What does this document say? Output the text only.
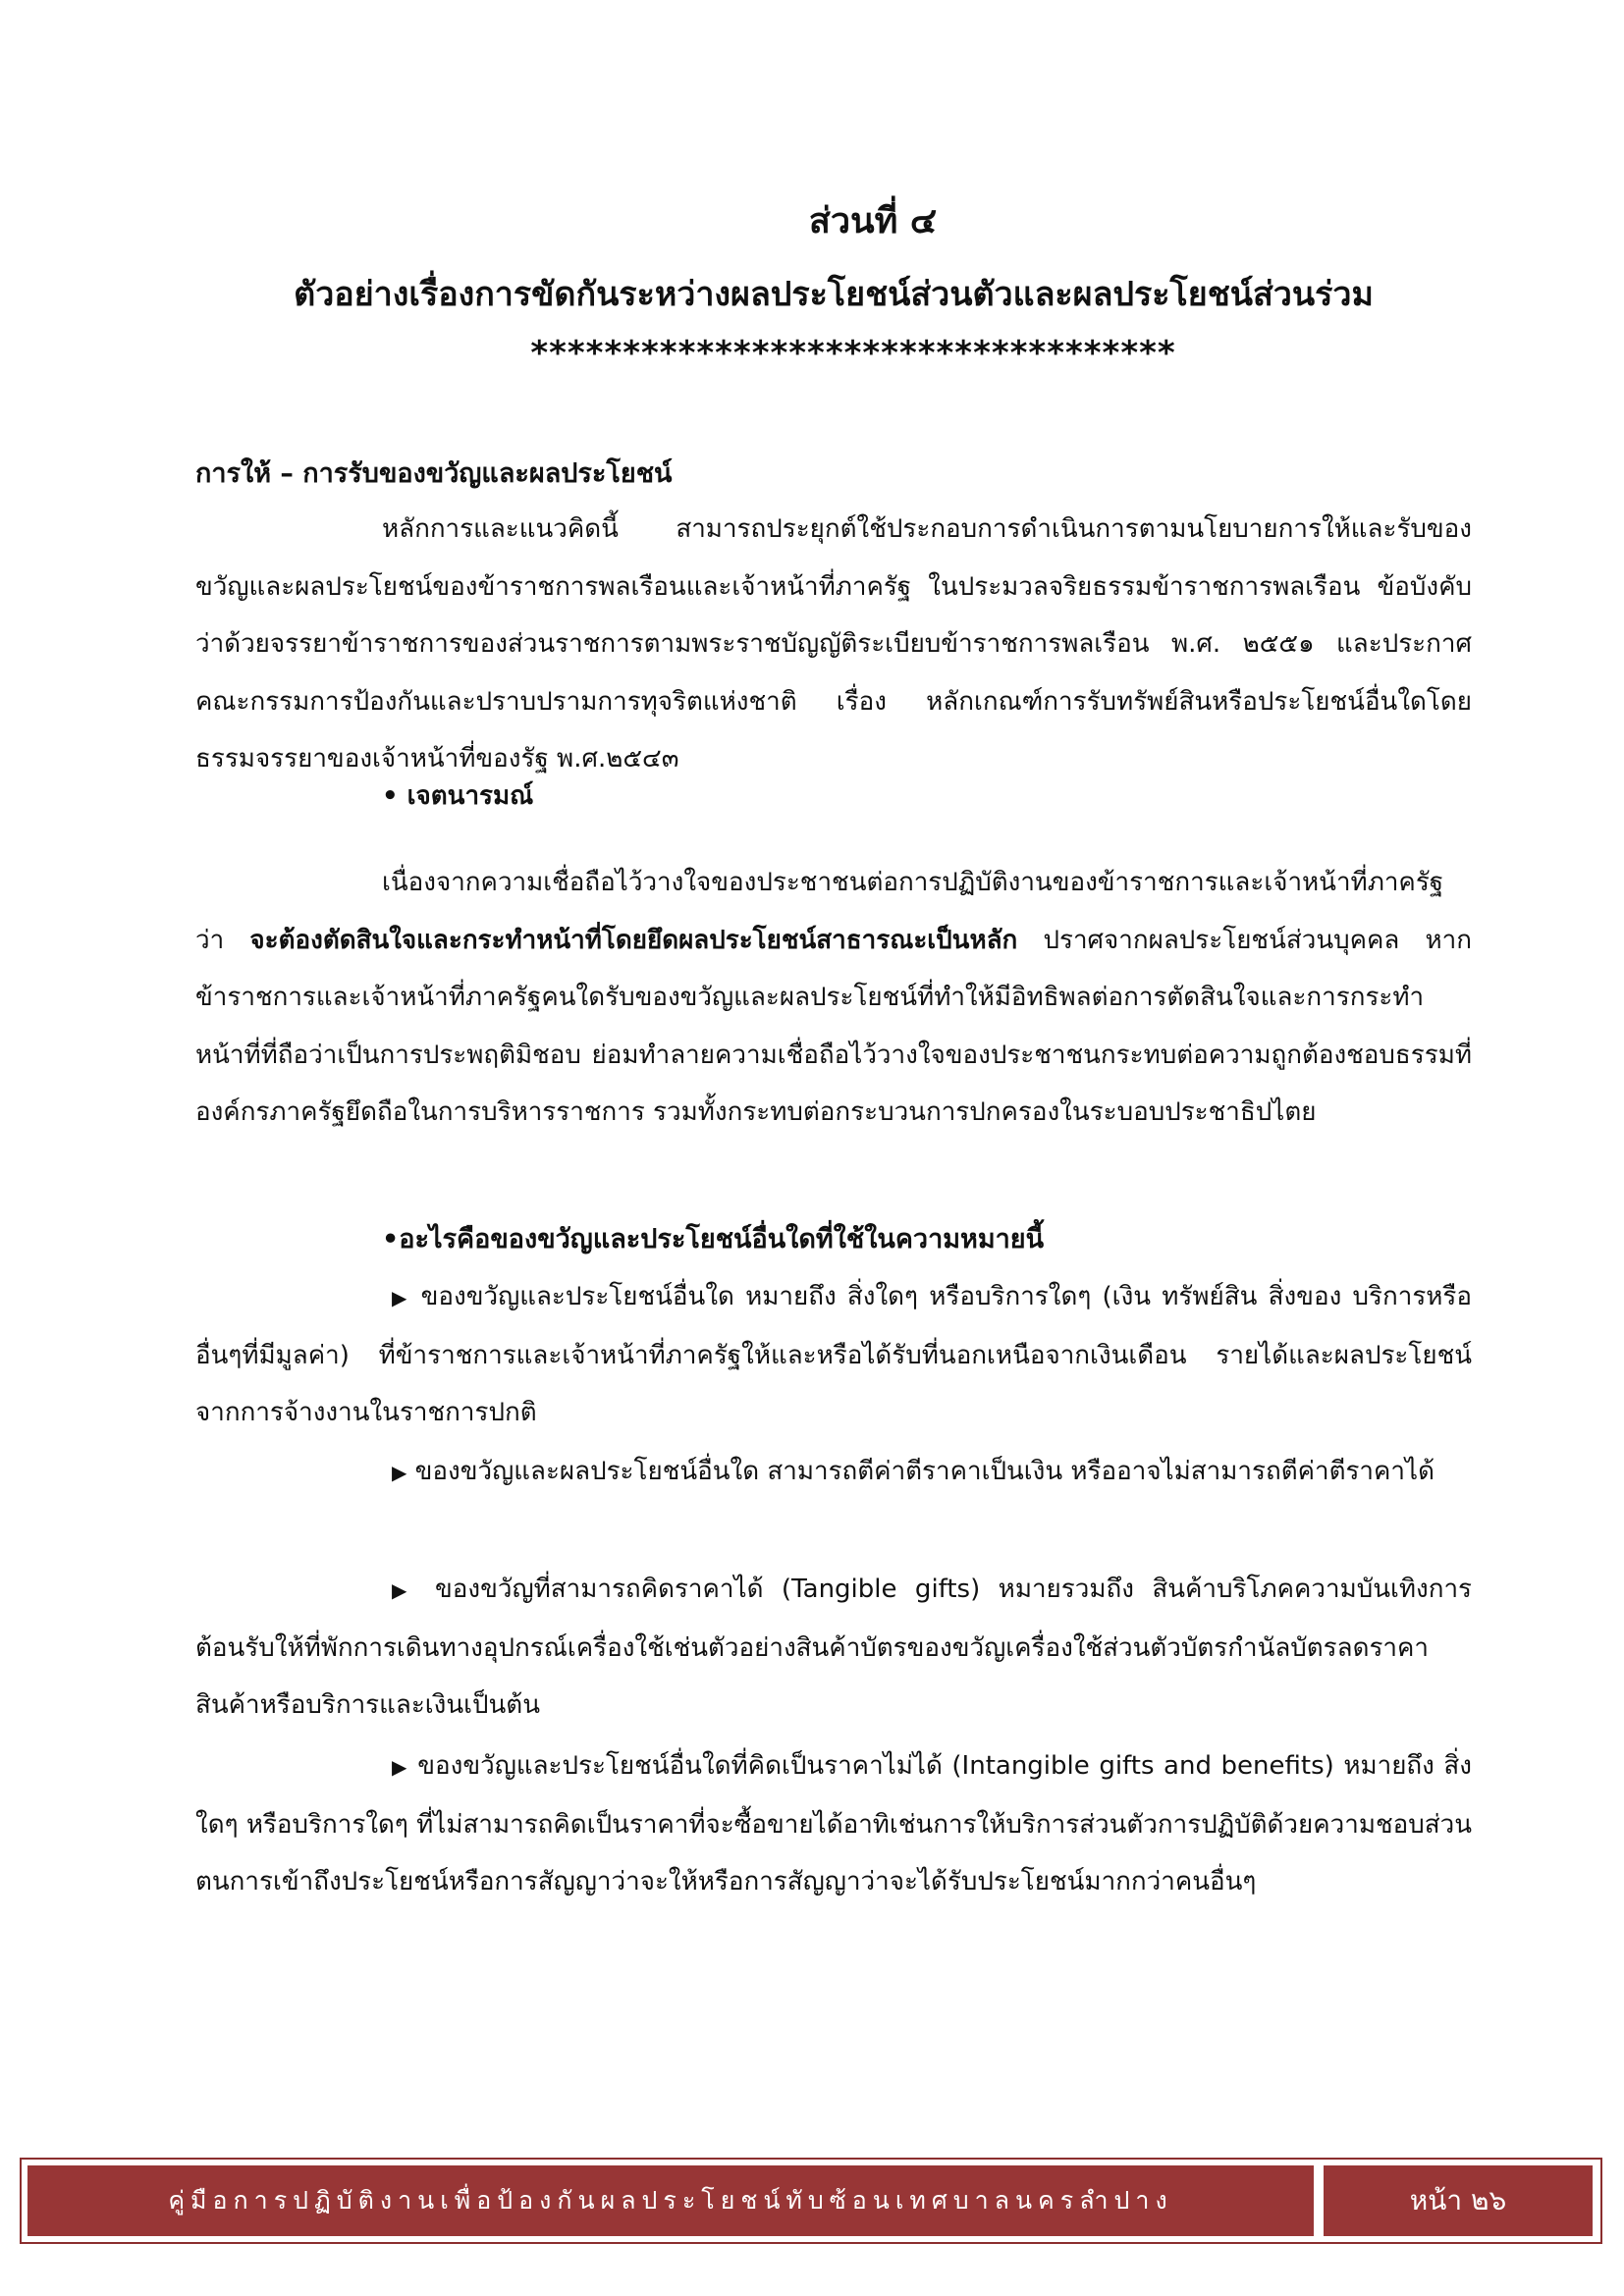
ส่วนที่ ๔
ตัวอย่างเรื่องการขัดกันระหว่างผลประโยชน์ส่วนตัวและผลประโยชน์ส่วนร่วม
***********************************
การให้ – การรับของขวัญและผลประโยชน์

หลักการและแนวคิดนี้ สามารถประยุกต์ใช้ประกอบการดำเนินการตามนโยบายการให้และรับของขวัญและผลประโยชน์ของข้าราชการพลเรือนและเจ้าหน้าที่ภาครัฐ ในประมวลจริยธรรมข้าราชการพลเรือน ข้อบังคับว่าด้วยจรรยาข้าราชการของส่วนราชการตามพระราชบัญญัติระเบียบข้าราชการพลเรือน พ.ศ. ๒๕๕๑ และประกาศคณะกรรมการป้องกันและปราบปรามการทุจริตแห่งชาติ เรื่อง หลักเกณฑ์การรับทรัพย์สินหรือประโยชน์อื่นใดโดยธรรมจรรยาของเจ้าหน้าที่ของรัฐ พ.ศ.๒๕๔๓

• เจตนารมณ์

เนื่องจากความเชื่อถือไว้วางใจของประชาชนต่อการปฏิบัติงานของข้าราชการและเจ้าหน้าที่ภาครัฐว่า จะต้องตัดสินใจและกระทำหน้าที่โดยยึดผลประโยชน์สาธารณะเป็นหลัก ปราศจากผลประโยชน์ส่วนบุคคล หากข้าราชการและเจ้าหน้าที่ภาครัฐคนใดรับของขวัญและผลประโยชน์ที่ทำให้มีอิทธิพลต่อการตัดสินใจและการกระทำหน้าที่ที่ถือว่าเป็นการประพฤติมิชอบ ย่อมทำลายความเชื่อถือไว้วางใจของประชาชนกระทบต่อความถูกต้องชอบธรรมที่องค์กรภาครัฐยึดถือในการบริหารราชการ รวมทั้งกระทบต่อกระบวนการปกครองในระบอบประชาธิปไตย

•อะไรคือของขวัญและประโยชน์อื่นใดที่ใช้ในความหมายนี้

▶ ของขวัญและประโยชน์อื่นใด หมายถึง สิ่งใดๆ หรือบริการใดๆ (เงิน ทรัพย์สิน สิ่งของ บริการหรืออื่นๆที่มีมูลค่า) ที่ข้าราชการและเจ้าหน้าที่ภาครัฐให้และหรือได้รับที่นอกเหนือจากเงินเดือน รายได้และผลประโยชน์จากการจ้างงานในราชการปกติ

▶ ของขวัญและผลประโยชน์อื่นใด สามารถตีค่าตีราคาเป็นเงิน หรืออาจไม่สามารถตีค่าตีราคาได้

▶ ของขวัญที่สามารถคิดราคาได้ (Tangible gifts) หมายรวมถึง สินค้าบริโภคความบันเทิงการต้อนรับให้ที่พักการเดินทางอุปกรณ์เครื่องใช้เช่นตัวอย่างสินค้าบัตรของขวัญเครื่องใช้ส่วนตัวบัตรกำนัลบัตรลดราคาสินค้าหรือบริการและเงินเป็นต้น

▶ ของขวัญและประโยชน์อื่นใดที่คิดเป็นราคาไม่ได้ (Intangible gifts and benefits) หมายถึง สิ่งใดๆ หรือบริการใดๆ ที่ไม่สามารถคิดเป็นราคาที่จะซื้อขายได้อาทิเช่นการให้บริการส่วนตัวการปฏิบัติด้วยความชอบส่วนตนการเข้าถึงประโยชน์หรือการสัญญาว่าจะให้หรือการสัญญาว่าจะได้รับประโยชน์มากกว่าคนอื่นๆ

คู่มือการปฏิบัติงานเพื่อป้องกันผลประโยชน์ทับซ้อนเทศบาลนครลำปาง	หน้า ๒๖
